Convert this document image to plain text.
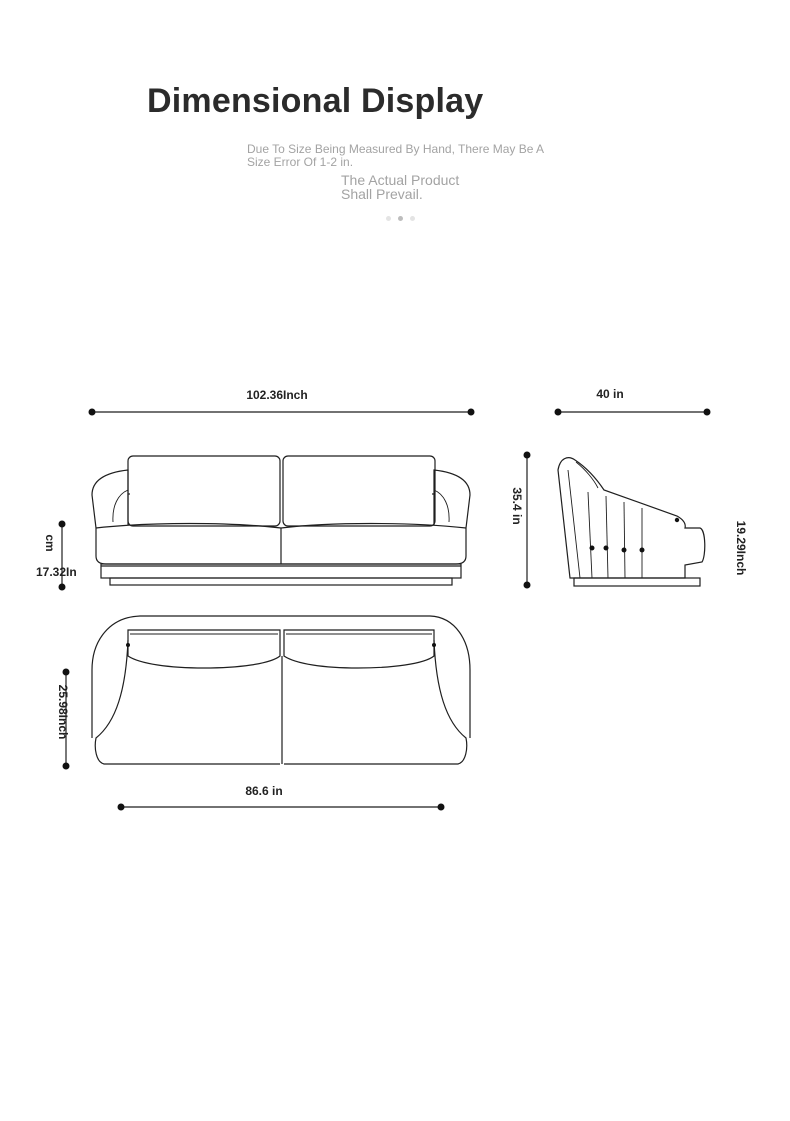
Dimensional Display
Due To Size Being Measured By Hand, There May Be A
Size Error Of 1-2 in.
The Actual Product
Shall Prevail.
102.36Inch	40 in
17.32In
cm
35.4 in
19.29Inch
25.98Inch
86.6 in
